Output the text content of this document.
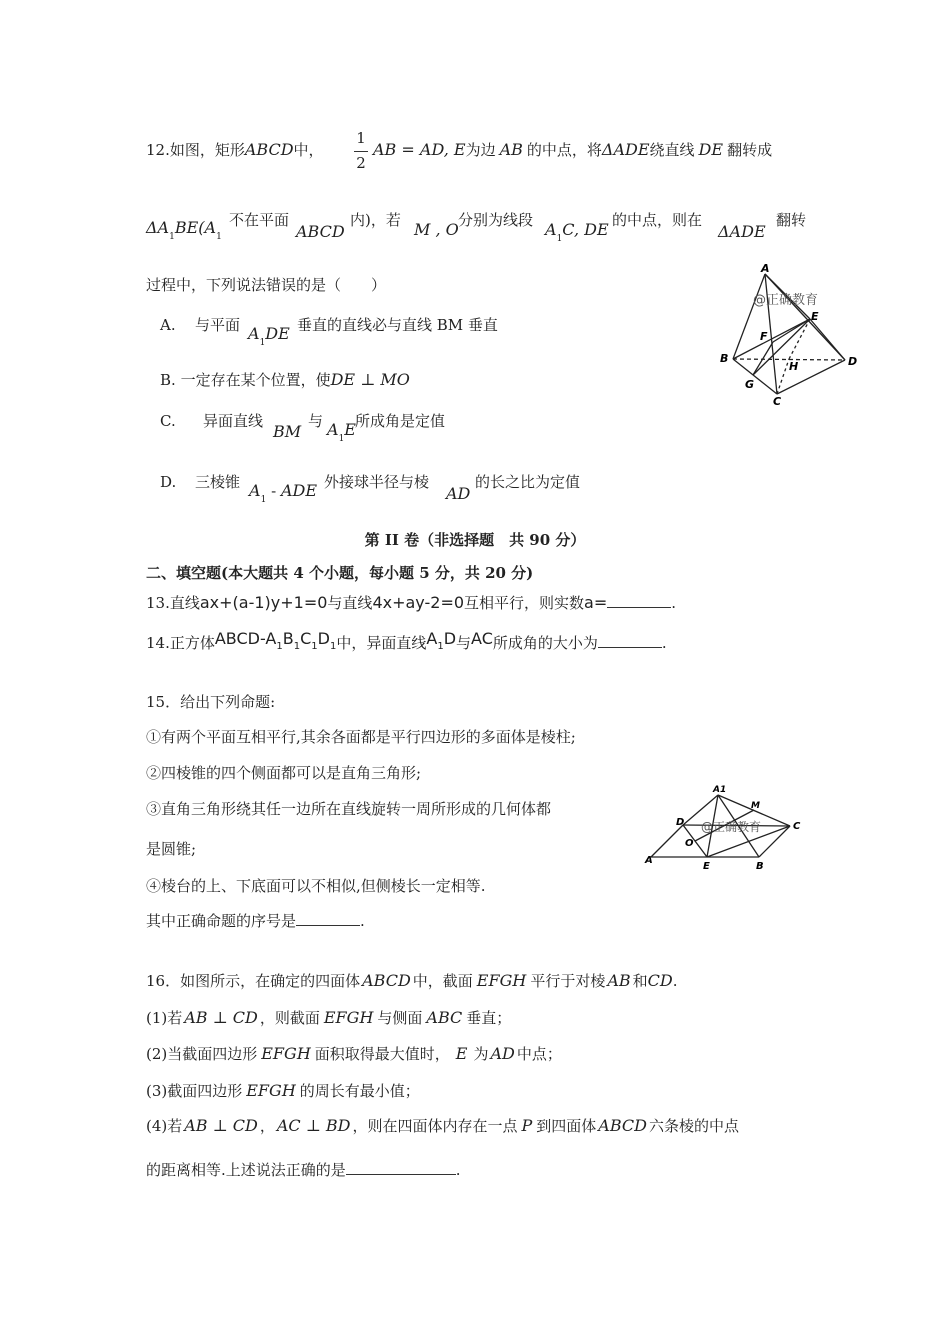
12.如图，矩形ABCD中，
1
2
AB = AD, E为边 AB 的中点，将ΔADE绕直线 DE 翻转成
$\Delta A_1BE(A_1$
不在平面
ABCD
内)，若 M , O 分别为线段 $A_1C$, DE 的中点，则在
ΔADE
翻转
过程中，下列说法错误的是（　　）
A. 与平面 $A_1DE$ 垂直的直线必与直线 BM 垂直
B. 一定存在某个位置，使DE ⊥ MO
C. 异面直线
BM
与 $A_1E$ 所成角是定值
D. 三棱锥 $A_1$ - ADE 外接球半径与棱
AD
的长之比为定值
A
E
F
B
H	D
G
C
@正确教育
第 II 卷（非选择题　共 90 分）
二、填空题(本大题共 4 个小题，每小题 5 分，共 20 分)
13.直线ax+(a-1)y+1=0与直线4x+ay-2=0互相平行，则实数a=	.
14.正方体ABCD-$A_1B_1C_1D_1$中，异面直线$A_1D$与AC所成角的大小为	.
15．给出下列命题:
①有两个平面互相平行,其余各面都是平行四边形的多面体是棱柱;
②四棱锥的四个侧面都可以是直角三角形;
③直角三角形绕其任一边所在直线旋转一周所形成的几何体都
是圆锥;
④棱台的上、下底面可以不相似,但侧棱长一定相等.
其中正确命题的序号是	.
A1
M
D	C
O
A
E	B
@正确教育
16．如图所示，在确定的四面体 ABCD 中，截面 EFGH 平行于对棱 AB 和CD.
(1)若 AB ⊥ CD ，则截面 EFGH 与侧面 ABC 垂直；
(2)当截面四边形 EFGH 面积取得最大值时， E 为 AD 中点；
(3)截面四边形 EFGH 的周长有最小值；
(4)若 AB ⊥ CD ， AC ⊥ BD ，则在四面体内存在一点 P 到四面体 ABCD 六条棱的中点
的距离相等.上述说法正确的是	.
